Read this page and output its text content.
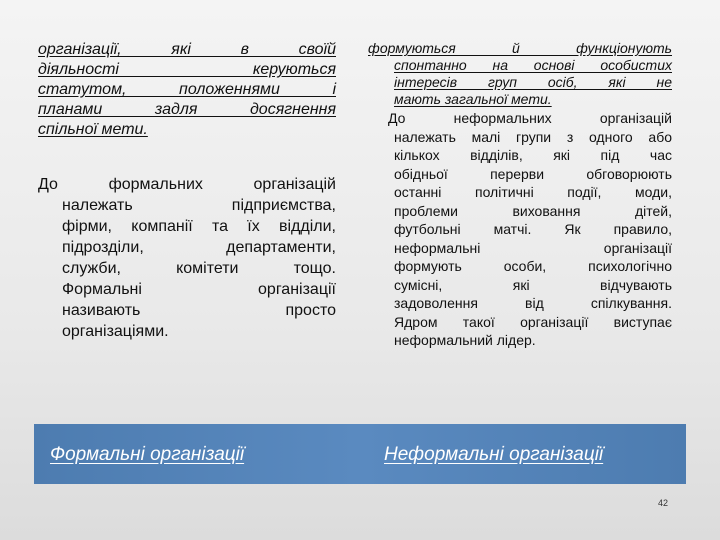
організації, які в своїй
діяльності керуються
статутом, положеннями і
планами задля досягнення
спільної мети.
До формальних організацій
належать підприємства,
фірми, компанії та їх відділи,
підрозділи, департаменти,
служби, комітети тощо.
Формальні організації
називають просто
організаціями.
формуються й функціонують
спонтанно на основі особистих
інтересів груп осіб, які не
мають загальної мети.
До неформальних організацій
належать малі групи з одного або
кількох відділів, які під час
обідньої перерви обговорюють
останні політичні події, моди,
проблеми виховання дітей,
футбольні матчі. Як правило,
неформальні організації
формують особи, психологічно
сумісні, які відчувають
задоволення від спілкування.
Ядром такої організації виступає
неформальний лідер.
Формальні організації	Неформальні організації
42
